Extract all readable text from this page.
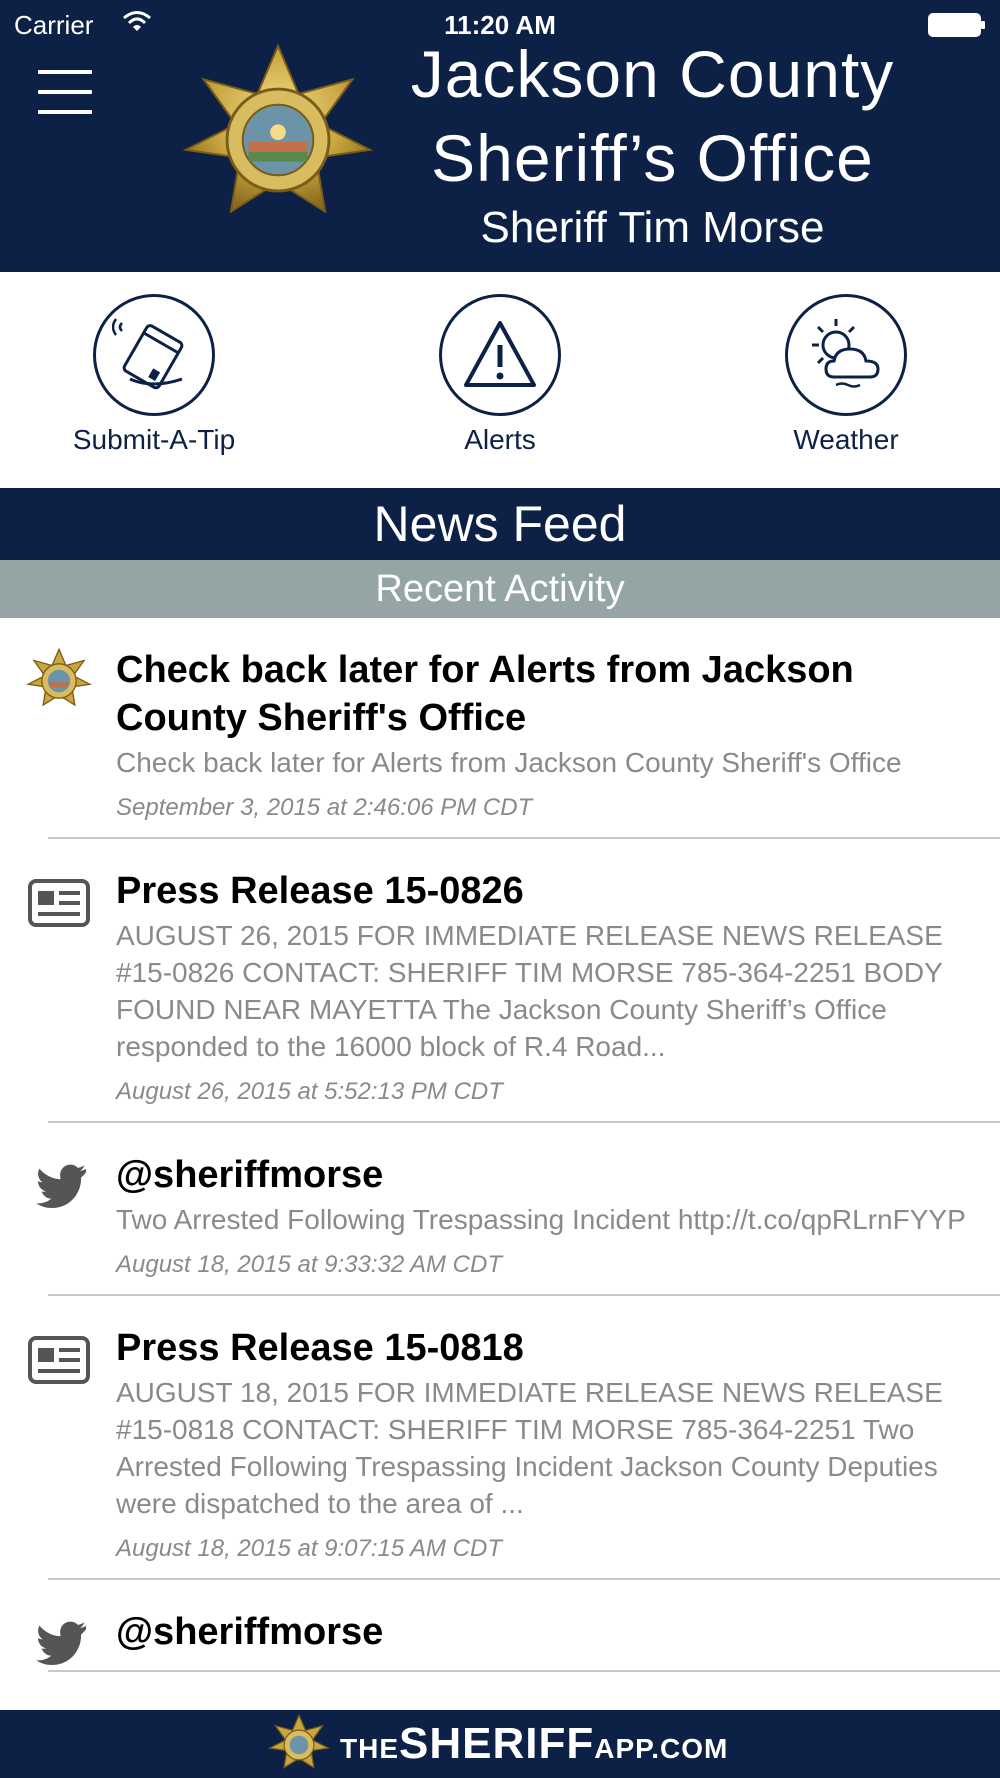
Carrier	11:20 AM
Jackson County
Sheriff’s Office
Sheriff Tim Morse
Submit-A-Tip	Alerts	Weather
News Feed
Recent Activity
Check back later for Alerts from Jackson County Sheriff's Office
Check back later for Alerts from Jackson County Sheriff's Office
September 3, 2015 at 2:46:06 PM CDT
Press Release 15-0826
AUGUST 26, 2015 FOR IMMEDIATE RELEASE NEWS RELEASE #15-0826 CONTACT: SHERIFF TIM MORSE 785-364-2251 BODY FOUND NEAR MAYETTA The Jackson County Sheriff’s Office responded to the 16000 block of R.4 Road...
August 26, 2015 at 5:52:13 PM CDT
@sheriffmorse
Two Arrested Following Trespassing Incident http://t.co/qpRLrnFYYP
August 18, 2015 at 9:33:32 AM CDT
Press Release 15-0818
AUGUST 18, 2015 FOR IMMEDIATE RELEASE NEWS RELEASE #15-0818 CONTACT: SHERIFF TIM MORSE 785-364-2251 Two Arrested Following Trespassing Incident Jackson County Deputies were dispatched to the area of ...
August 18, 2015 at 9:07:15 AM CDT
@sheriffmorse
THESHERIFFAPP.COM
